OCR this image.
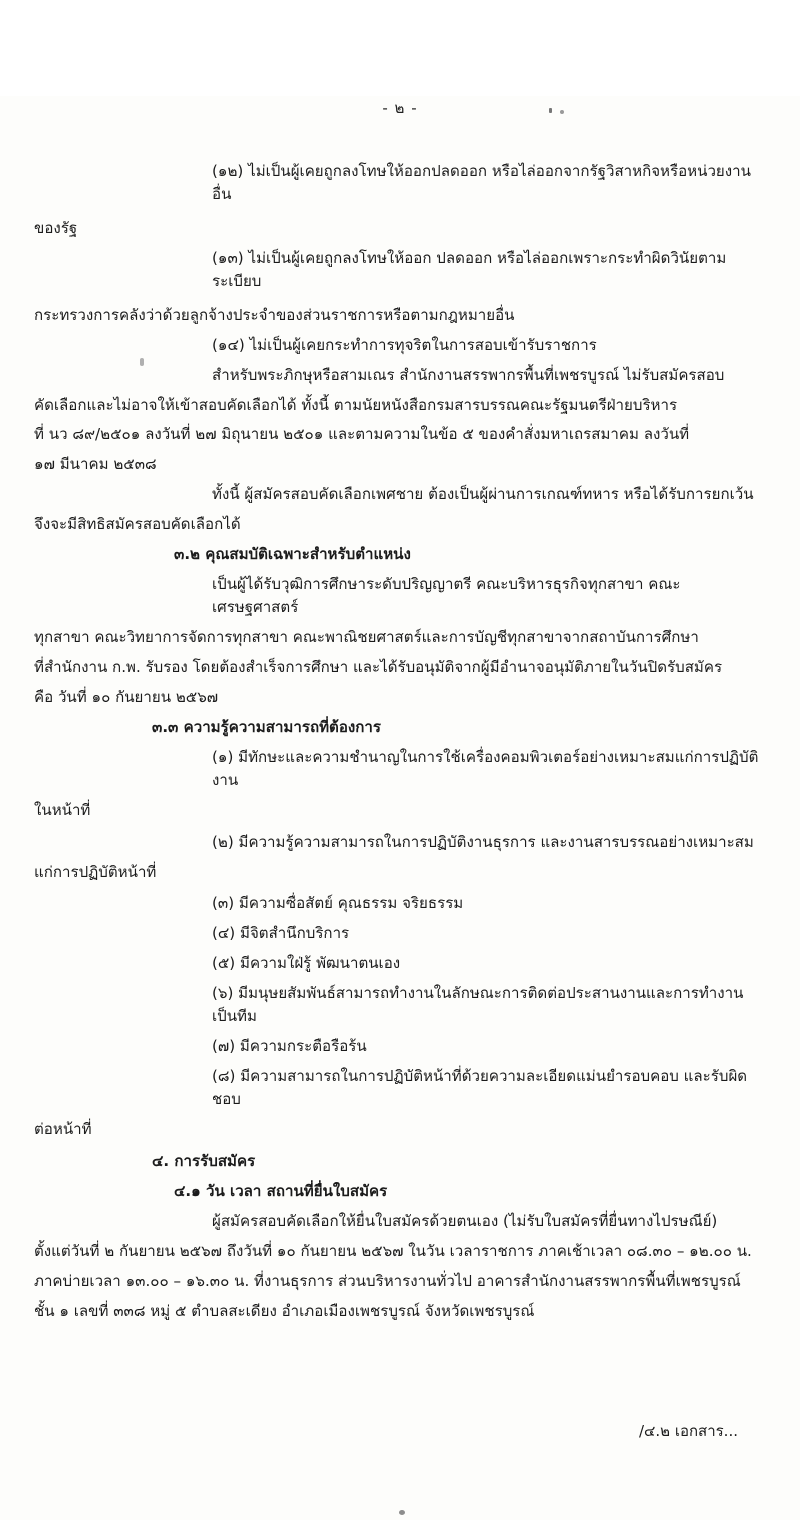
- ๒ -

(๑๒) ไม่เป็นผู้เคยถูกลงโทษให้ออกปลดออก หรือไล่ออกจากรัฐวิสาหกิจหรือหน่วยงานอื่น

ของรัฐ

(๑๓) ไม่เป็นผู้เคยถูกลงโทษให้ออก ปลดออก หรือไล่ออกเพราะกระทำผิดวินัยตามระเบียบ

กระทรวงการคลังว่าด้วยลูกจ้างประจำของส่วนราชการหรือตามกฎหมายอื่น

(๑๔) ไม่เป็นผู้เคยกระทำการทุจริตในการสอบเข้ารับราชการ

สำหรับพระภิกษุหรือสามเณร สำนักงานสรรพากรพื้นที่เพชรบูรณ์ ไม่รับสมัครสอบ

คัดเลือกและไม่อาจให้เข้าสอบคัดเลือกได้ ทั้งนี้ ตามนัยหนังสือกรมสารบรรณคณะรัฐมนตรีฝ่ายบริหาร

ที่ นว ๘๙/๒๕๐๑ ลงวันที่ ๒๗ มิถุนายน ๒๕๐๑ และตามความในข้อ ๕ ของคำสั่งมหาเถรสมาคม ลงวันที่

๑๗ มีนาคม ๒๕๓๘

ทั้งนี้ ผู้สมัครสอบคัดเลือกเพศชาย ต้องเป็นผู้ผ่านการเกณฑ์ทหาร หรือได้รับการยกเว้น

จึงจะมีสิทธิสมัครสอบคัดเลือกได้

๓.๒ คุณสมบัติเฉพาะสำหรับตำแหน่ง

เป็นผู้ได้รับวุฒิการศึกษาระดับปริญญาตรี คณะบริหารธุรกิจทุกสาขา คณะเศรษฐศาสตร์

ทุกสาขา คณะวิทยาการจัดการทุกสาขา คณะพาณิชยศาสตร์และการบัญชีทุกสาขาจากสถาบันการศึกษา

ที่สำนักงาน ก.พ. รับรอง โดยต้องสำเร็จการศึกษา และได้รับอนุมัติจากผู้มีอำนาจอนุมัติภายในวันปิดรับสมัคร

คือ วันที่ ๑๐ กันยายน ๒๕๖๗

๓.๓ ความรู้ความสามารถที่ต้องการ

(๑) มีทักษะและความชำนาญในการใช้เครื่องคอมพิวเตอร์อย่างเหมาะสมแก่การปฏิบัติงาน

ในหน้าที่

(๒) มีความรู้ความสามารถในการปฏิบัติงานธุรการ และงานสารบรรณอย่างเหมาะสม

แก่การปฏิบัติหน้าที่

(๓) มีความซื่อสัตย์ คุณธรรม จริยธรรม

(๔) มีจิตสำนึกบริการ

(๕) มีความใฝ่รู้ พัฒนาตนเอง

(๖) มีมนุษยสัมพันธ์สามารถทำงานในลักษณะการติดต่อประสานงานและการทำงานเป็นทีม

(๗) มีความกระตือรือร้น

(๘) มีความสามารถในการปฏิบัติหน้าที่ด้วยความละเอียดแม่นยำรอบคอบ และรับผิดชอบ

ต่อหน้าที่

๔. การรับสมัคร

๔.๑ วัน เวลา สถานที่ยื่นใบสมัคร

ผู้สมัครสอบคัดเลือกให้ยื่นใบสมัครด้วยตนเอง (ไม่รับใบสมัครที่ยื่นทางไปรษณีย์)

ตั้งแต่วันที่ ๒ กันยายน ๒๕๖๗ ถึงวันที่ ๑๐ กันยายน ๒๕๖๗ ในวัน เวลาราชการ ภาคเช้าเวลา ๐๘.๓๐ – ๑๒.๐๐ น.

ภาคบ่ายเวลา ๑๓.๐๐ – ๑๖.๓๐ น. ที่งานธุรการ ส่วนบริหารงานทั่วไป อาคารสำนักงานสรรพากรพื้นที่เพชรบูรณ์

ชั้น ๑ เลขที่ ๓๓๘ หมู่ ๕ ตำบลสะเดียง อำเภอเมืองเพชรบูรณ์ จังหวัดเพชรบูรณ์

/๔.๒ เอกสาร...
